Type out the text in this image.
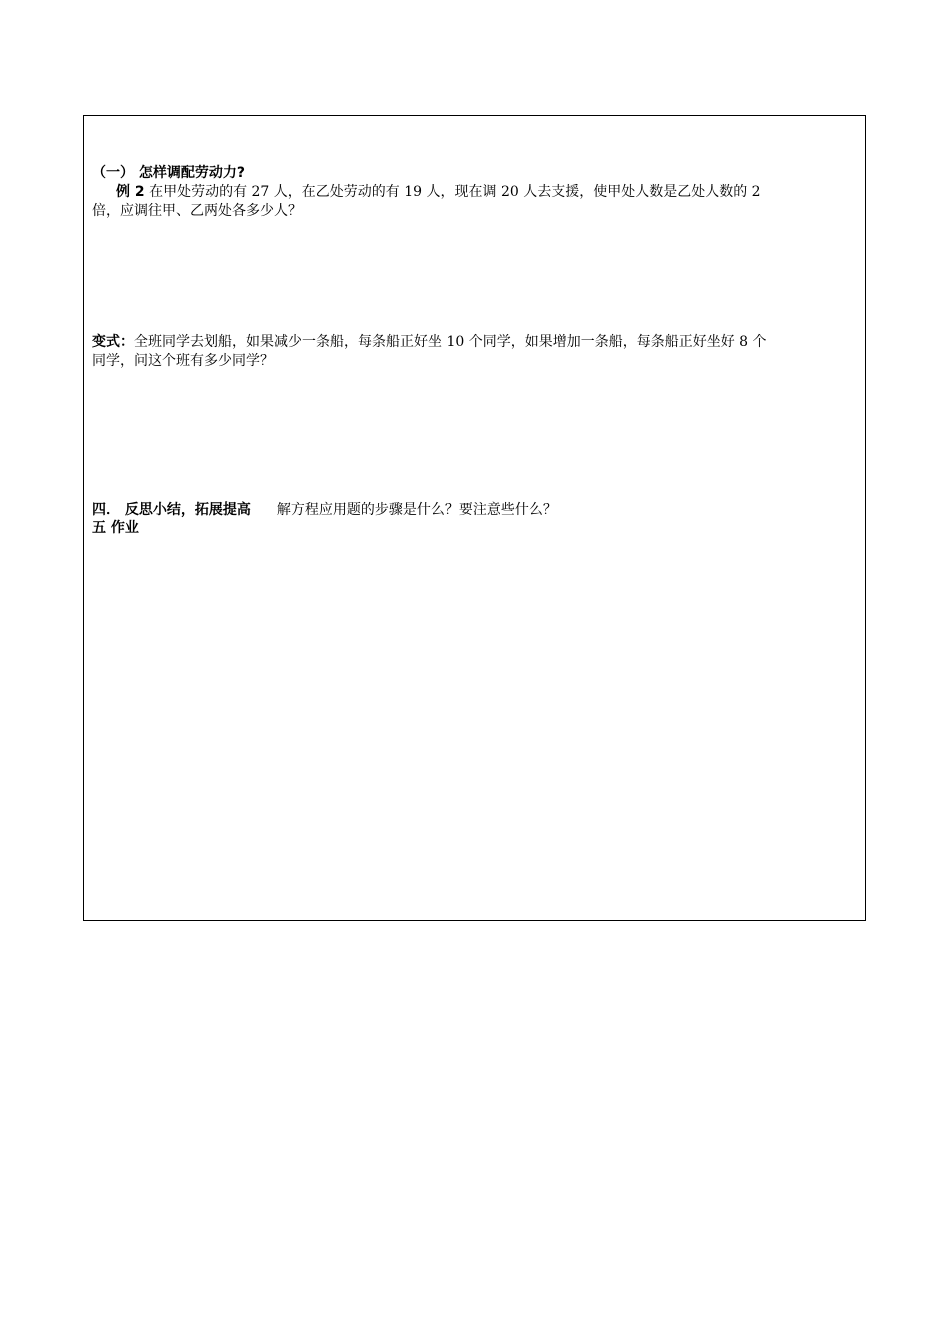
（一） 怎样调配劳动力?
例 2 在甲处劳动的有 27 人，在乙处劳动的有 19 人，现在调 20 人去支援，使甲处人数是乙处人数的 2
倍，应调往甲、乙两处各多少人？
变式：全班同学去划船，如果减少一条船，每条船正好坐 10 个同学，如果增加一条船，每条船正好坐好 8 个
同学，问这个班有多少同学？
四． 反思小结，拓展提高 解方程应用题的步骤是什么？要注意些什么？
五 作业
